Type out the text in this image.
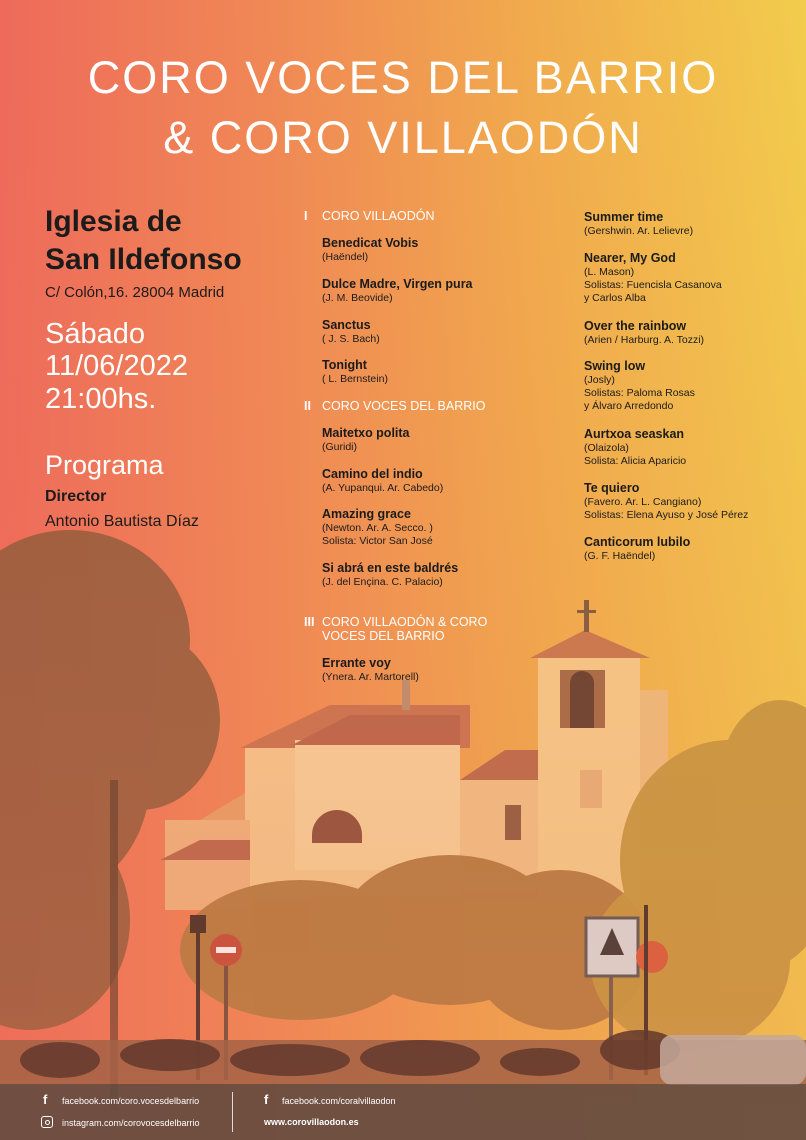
CORO VOCES DEL BARRIO
& CORO VILLAODÓN
Iglesia de
San Ildefonso
C/ Colón,16. 28004 Madrid
Sábado
11/06/2022
21:00hs.
Programa
Director
Antonio Bautista Díaz
I CORO VILLAODÓN
II CORO VOCES DEL BARRIO
III CORO VILLAODÓN & CORO
VOCES DEL BARRIO
Benedicat Vobis
(Haëndel)
Dulce Madre, Virgen pura
(J. M. Beovide)
Sanctus
( J. S. Bach)
Tonight
( L. Bernstein)
Maitetxo polita
(Guridi)
Camino del indio
(A. Yupanqui. Ar. Cabedo)
Amazing grace
(Newton. Ar. A. Secco. )
Solista: Victor San José
Si abrá en este baldrés
(J. del Ençina. C. Palacio)
Errante voy
(Ynera. Ar. Martorell)
Summer time
(Gershwin. Ar. Lelievre)
Nearer, My God
(L. Mason)
Solistas: Fuencisla Casanova
y Carlos Alba
Over the rainbow
(Arien / Harburg. A. Tozzi)
Swing low
(Josly)
Solistas: Paloma Rosas
y Álvaro Arredondo
Aurtxoa seaskan
(Olaizola)
Solista: Alicia Aparicio
Te quiero
(Favero. Ar. L. Cangiano)
Solistas: Elena Ayuso y José Pérez
Canticorum lubilo
(G. F. Haëndel)
f facebook.com/coro.vocesdelbarrio
instagram.com/corovocesdelbarrio
f facebook.com/coralvillaodon
www.corovillaodon.es
